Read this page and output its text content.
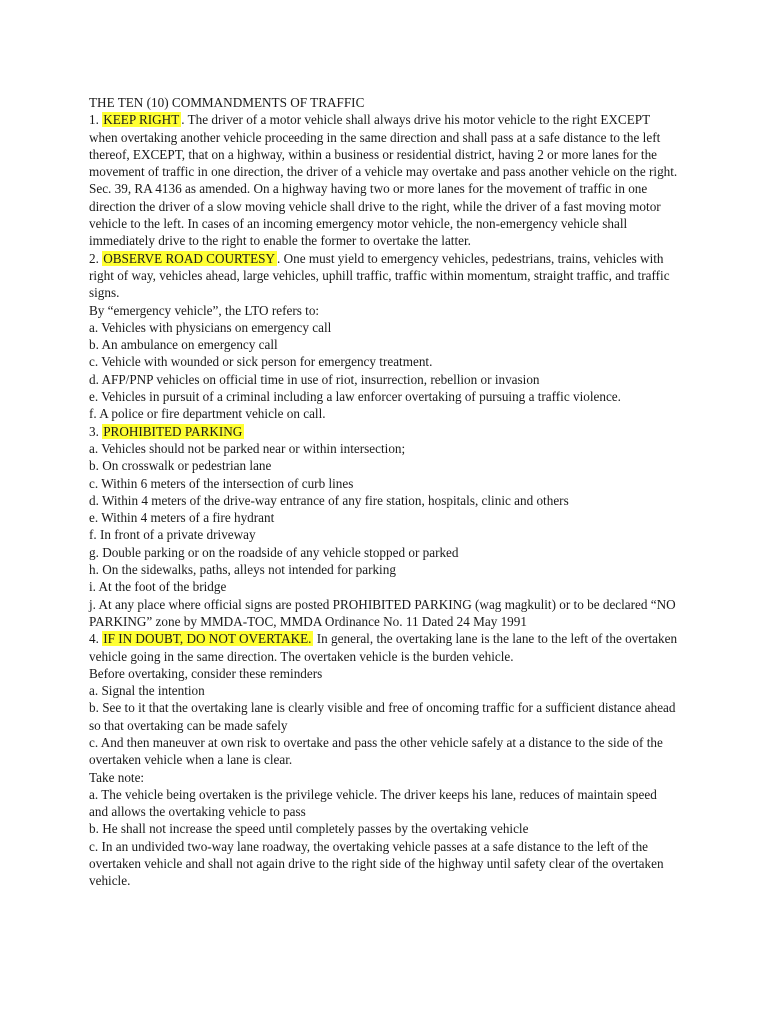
THE TEN (10) COMMANDMENTS OF TRAFFIC
1. KEEP RIGHT . The driver of a motor vehicle shall always drive his motor vehicle to the right EXCEPT when overtaking another vehicle proceeding in the same direction and shall pass at a safe distance to the left thereof, EXCEPT, that on a highway, within a business or residential district, having 2 or more lanes for the movement of traffic in one direction, the driver of a vehicle may overtake and pass another vehicle on the right. Sec. 39, RA 4136 as amended. On a highway having two or more lanes for the movement of traffic in one direction the driver of a slow moving vehicle shall drive to the right, while the driver of a fast moving motor vehicle to the left. In cases of an incoming emergency motor vehicle, the non-emergency vehicle shall immediately drive to the right to enable the former to overtake the latter.
2. OBSERVE ROAD COURTESY . One must yield to emergency vehicles, pedestrians, trains, vehicles with right of way, vehicles ahead, large vehicles, uphill traffic, traffic within momentum, straight traffic, and traffic signs.
By “emergency vehicle”, the LTO refers to:
a. Vehicles with physicians on emergency call
b. An ambulance on emergency call
c. Vehicle with wounded or sick person for emergency treatment.
d. AFP/PNP vehicles on official time in use of riot, insurrection, rebellion or invasion
e. Vehicles in pursuit of a criminal including a law enforcer overtaking of pursuing a traffic violence.
f. A police or fire department vehicle on call.
3. PROHIBITED PARKING
a. Vehicles should not be parked near or within intersection;
b. On crosswalk or pedestrian lane
c. Within 6 meters of the intersection of curb lines
d. Within 4 meters of the drive-way entrance of any fire station, hospitals, clinic and others
e. Within 4 meters of a fire hydrant
f. In front of a private driveway
g. Double parking or on the roadside of any vehicle stopped or parked
h. On the sidewalks, paths, alleys not intended for parking
i. At the foot of the bridge
j. At any place where official signs are posted PROHIBITED PARKING (wag magkulit) or to be declared “NO PARKING” zone by MMDA-TOC, MMDA Ordinance No. 11 Dated 24 May 1991
4. IF IN DOUBT, DO NOT OVERTAKE. In general, the overtaking lane is the lane to the left of the overtaken vehicle going in the same direction. The overtaken vehicle is the burden vehicle.
Before overtaking, consider these reminders
a. Signal the intention
b. See to it that the overtaking lane is clearly visible and free of oncoming traffic for a sufficient distance ahead so that overtaking can be made safely
c. And then maneuver at own risk to overtake and pass the other vehicle safely at a distance to the side of the overtaken vehicle when a lane is clear.
Take note:
a. The vehicle being overtaken is the privilege vehicle. The driver keeps his lane, reduces of maintain speed and allows the overtaking vehicle to pass
b. He shall not increase the speed until completely passes by the overtaking vehicle
c. In an undivided two-way lane roadway, the overtaking vehicle passes at a safe distance to the left of the overtaken vehicle and shall not again drive to the right side of the highway until safety clear of the overtaken vehicle.
